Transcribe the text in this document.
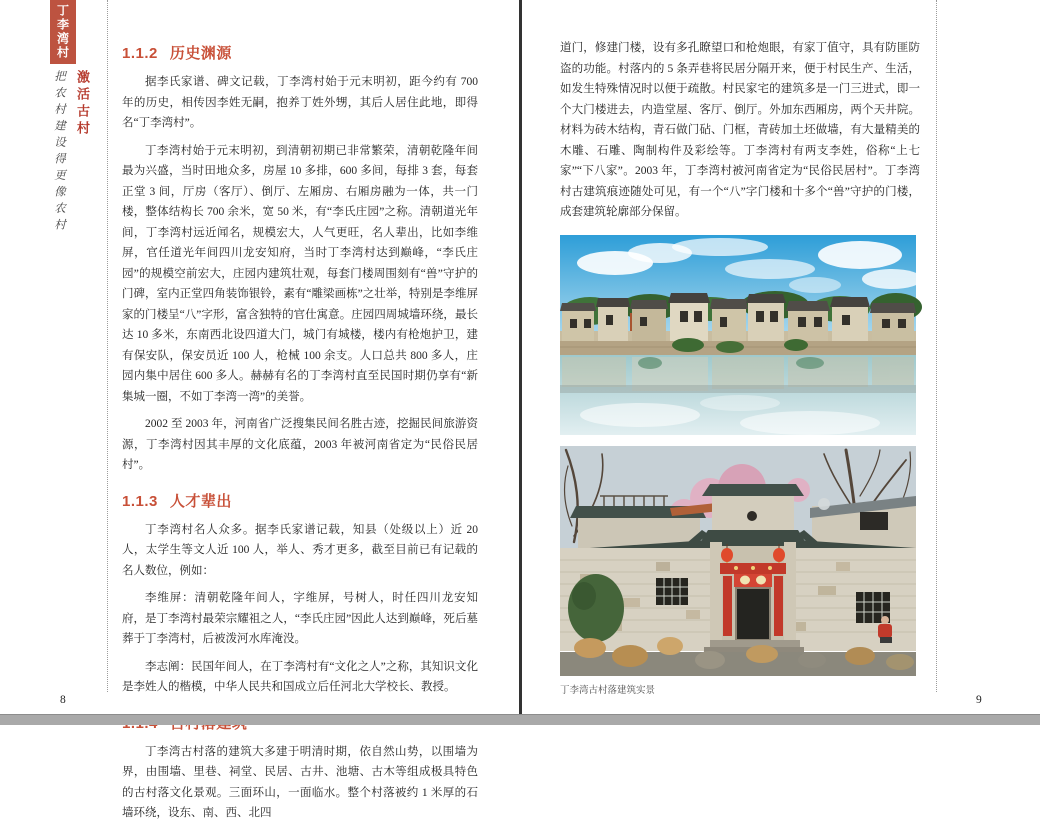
丁李湾村
激活古村
把农村建设得更像农村
1.1.2 历史渊源

据李氏家谱、碑文记载，丁李湾村始于元末明初，距今约有 700 年的历史，相传因李姓无嗣，抱养丁姓外甥，其后人居住此地，即得名“丁李湾村”。

丁李湾村始于元末明初，到清朝初期已非常繁荣，清朝乾隆年间最为兴盛，当时田地众多，房屋 10 多排，600 多间，每排 3 套，每套正堂 3 间，厅房（客厅）、倒厅、左厢房、右厢房融为一体，共一门楼，整体结构长 700 余米，宽 50 米，有“李氏庄园”之称。清朝道光年间，丁李湾村远近闻名，规模宏大，人气更旺，名人辈出，比如李维屏，官任道光年间四川龙安知府，当时丁李湾村达到巅峰，“李氏庄园”的规模空前宏大，庄园内建筑壮观，每套门楼周围刻有“兽”守护的门碑，室内正堂四角装饰银铃，素有“雕梁画栋”之壮举，特别是李维屏家的门楼呈“八”字形，富含独特的官仕寓意。庄园四周城墙环绕，最长达 10 多米，东南西北设四道大门，城门有城楼，楼内有枪炮护卫，建有保安队，保安员近 100 人，枪械 100 余支。人口总共 800 多人，庄园内集中居住 600 多人。赫赫有名的丁李湾村直至民国时期仍享有“新集城一圈，不如丁李湾一湾”的美誉。

2002 至 2003 年，河南省广泛搜集民间名胜古迹，挖掘民间旅游资源，丁李湾村因其丰厚的文化底蕴，2003 年被河南省定为“民俗民居村”。

1.1.3 人才辈出

丁李湾村名人众多。据李氏家谱记载，知县（处级以上）近 20 人，太学生等文人近 100 人，举人、秀才更多，截至目前已有记载的名人数位，例如：

李维屏：清朝乾隆年间人，字维屏，号树人，时任四川龙安知府，是丁李湾村最荣宗耀祖之人，“李氏庄园”因此人达到巅峰，死后墓葬于丁李湾村，后被泼河水库淹没。

李志阐：民国年间人，在丁李湾村有“文化之人”之称，其知识文化是李姓人的楷模，中华人民共和国成立后任河北大学校长、教授。

丁李湾古村落的建筑大多建于明清时期，依自然山势，以围墙为界，由围墙、里巷、祠堂、民居、古井、池塘、古木等组成极具特色的古村落文化景观。三面环山，一面临水。整个村落被约 1 米厚的石墙环绕，设东、南、西、北四

8

道门，修建门楼，设有多孔瞭望口和枪炮眼，有家丁值守，具有防匪防盗的功能。村落内的 5 条弄巷将民居分隔开来，便于村民生产、生活，如发生特殊情况时以便于疏散。村民家宅的建筑多是一门三进式，即一个大门楼进去，内造堂屋、客厅、倒厅。外加东西厢房，两个天井院。材料为砖木结构，青石做门砧、门框，青砖加土坯做墙，有大量精美的木雕、石雕、陶制构件及彩绘等。丁李湾村有两支李姓，俗称“上七家”“下八家”。2003 年，丁李湾村被河南省定为“民俗民居村”。丁李湾村古建筑痕迹随处可见，有一个“八”字门楼和十多个“兽”守护的门楼，成套建筑轮廓部分保留。

丁李湾古村落建筑实景
9
